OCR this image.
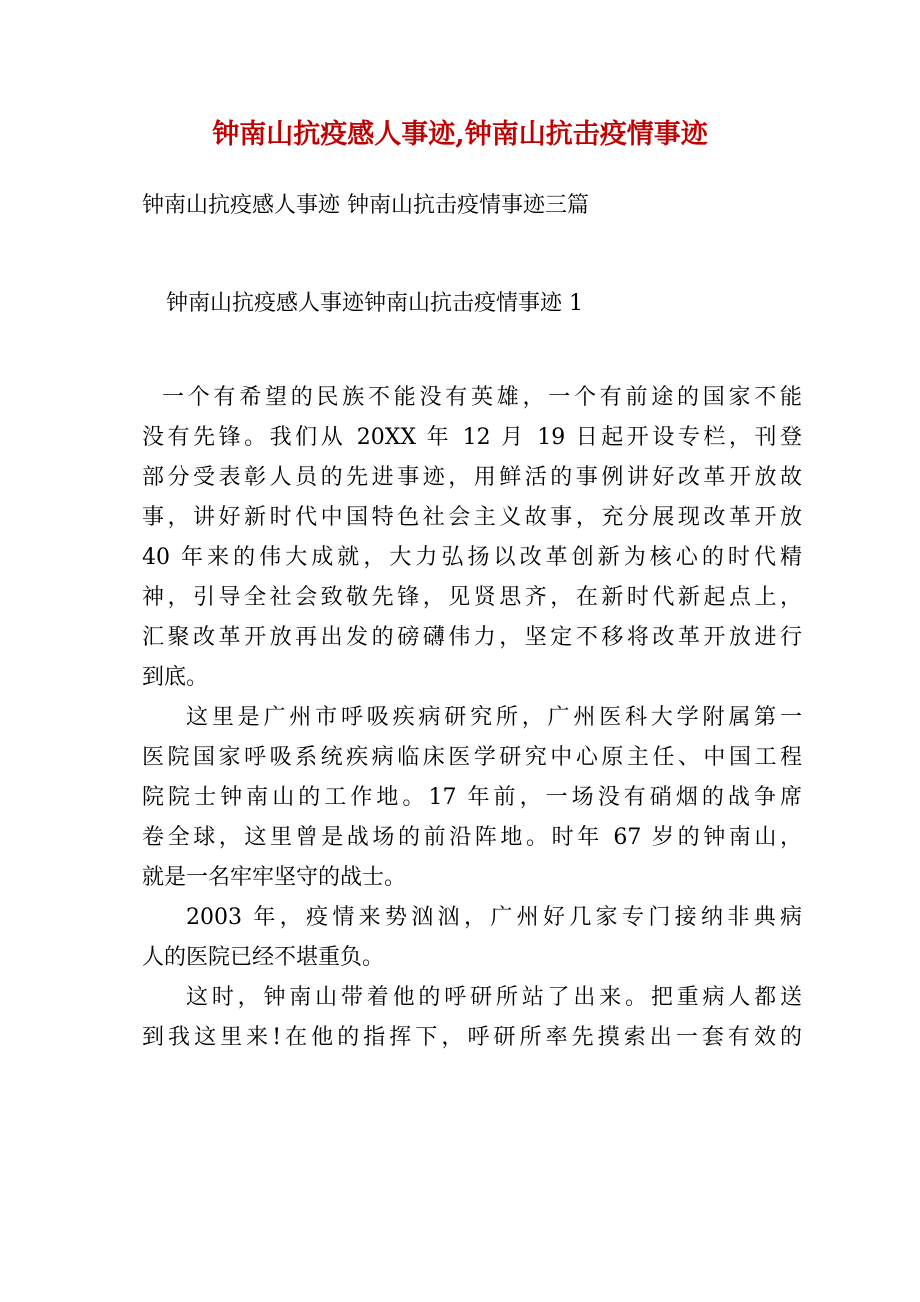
钟南山抗疫感人事迹,钟南山抗击疫情事迹
钟南山抗疫感人事迹 钟南山抗击疫情事迹三篇
钟南山抗疫感人事迹钟南山抗击疫情事迹 1
一个有希望的民族不能没有英雄，一个有前途的国家不能
没有先锋。我们从 20XX 年 12 月 19 日起开设专栏，刊登
部分受表彰人员的先进事迹，用鲜活的事例讲好改革开放故
事，讲好新时代中国特色社会主义故事，充分展现改革开放
40 年来的伟大成就，大力弘扬以改革创新为核心的时代精
神，引导全社会致敬先锋，见贤思齐，在新时代新起点上，
汇聚改革开放再出发的磅礴伟力，坚定不移将改革开放进行
到底。
这里是广州市呼吸疾病研究所，广州医科大学附属第一
医院国家呼吸系统疾病临床医学研究中心原主任、中国工程
院院士钟南山的工作地。17 年前，一场没有硝烟的战争席
卷全球，这里曾是战场的前沿阵地。时年 67 岁的钟南山，
就是一名牢牢坚守的战士。
2003 年，疫情来势汹汹，广州好几家专门接纳非典病
人的医院已经不堪重负。
这时，钟南山带着他的呼研所站了出来。把重病人都送
到我这里来!在他的指挥下，呼研所率先摸索出一套有效的
